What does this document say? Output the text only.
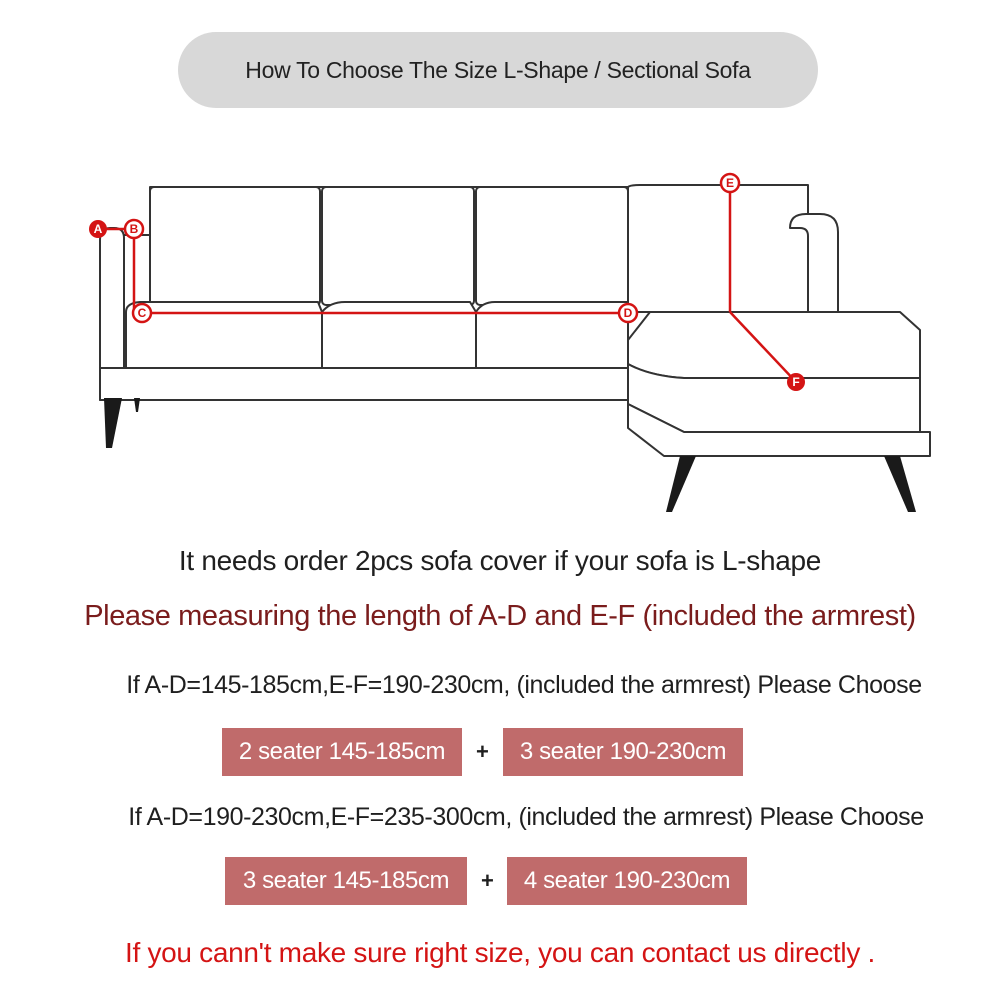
How To Choose The Size L-Shape / Sectional Sofa
A B
C	D
E
F
It needs order 2pcs sofa cover if your sofa is L-shape
Please measuring the length of A-D and E-F (included the armrest)
If A-D=145-185cm,E-F=190-230cm, (included the armrest) Please Choose
2 seater 145-185cm	+	3 seater 190-230cm
If A-D=190-230cm,E-F=235-300cm, (included the armrest) Please Choose
3 seater 145-185cm	+	4 seater 190-230cm
If you cann't make sure right size, you can contact us directly .
